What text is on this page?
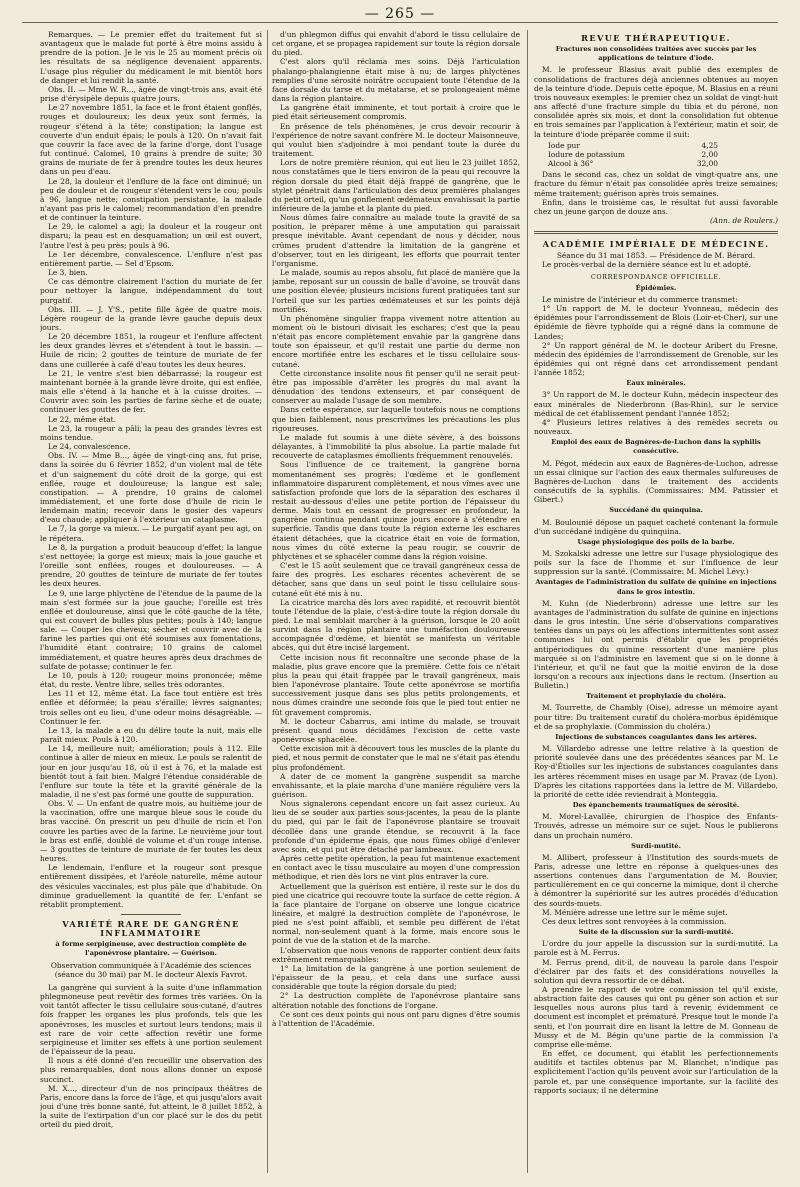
— 265 —

Remarques. — Le premier effet du traitement fut si avantageux que le malade fut porté à être moins assidu à prendre de la potion. Je le vis le 25 au moment précis où les résultats de sa négligence devenaient apparents. L'usage plus régulier du médicament le mit bientôt hors de danger et lui rendit la santé.

Obs. II. — Mme W. R..., âgée de vingt-trois ans, avait été prise d'érysipèle depuis quatre jours.

Le 27 novembre 1851, la face et le front étaient gonflés, rouges et douloureux; les deux yeux sont fermés, la rougeur s'étend à la tête; constipation; la langue est couverte d'un enduit épais; le pouls à 120. On n'avait fait que couvrir la face avec de la farine d'orge, dont l'usage fut continué. Calomel, 10 grains à prendre de suite; 30 grains de muriate de fer à prendre toutes les deux heures dans un peu d'eau.

Le 28, la douleur et l'enflure de la face ont diminué; un peu de douleur et de rougeur s'étendent vers le cou; pouls à 96, langue nette; constipation persistante, la malade n'ayant pas pris le calomel; recommandation d'en prendre et de continuer la teinture.

Le 29, le calomel a agi; la douleur et la rougeur ont disparu; la peau est en desquamation; un œil est ouvert, l'autre l'est à peu près; pouls à 96.

Le 1er décembre, convalescence. L'enflure n'est pas entièrement partie. — Sel d'Epsom.

Le 3, bien.

Ce cas démontre clairement l'action du muriate de fer pour nettoyer la langue, indépendamment du tout purgatif.

Obs. III. — J. Y'S., petite fille âgée de quatre mois. Légère rougeur de la grande lèvre gauche depuis deux jours.

Le 20 décembre 1851, la rougeur et l'enflure affectent les deux grandes lèvres et s'étendent à tout le bassin. — Huile de ricin; 2 gouttes de teinture de muriate de fer dans une cuillerée à café d'eau toutes les deux heures.

Le 21, le ventre s'est bien débarrassé; la rougeur est maintenant bornée à la grande lèvre droite, qui est enflée, mais elle s'étend à la hanche et à la cuisse droites. — Couvrir avec soin les parties de farine sèche et de ouate; continuer les gouttes de fer.

Le 22, même état.

Le 23, la rougeur a pâli; la peau des grandes lèvres est moins tendue.

Le 24, convalescence.

Obs. IV. — Mme B..., âgée de vingt-cinq ans, fut prise, dans la soirée du 6 février 1852, d'un violent mal de tête et d'un saignement du côté droit de la gorge, qui est enflée, rouge et douloureuse; la langue est sale; constipation. — A prendre, 10 grains de calomel immédiatement, et une forte dose d'huile de ricin le lendemain matin; recevoir dans le gosier des vapeurs d'eau chaude; appliquer à l'extérieur un cataplasme.

Le 7, la gorge va mieux. — Le purgatif ayant peu agi, on le répétera.

Le 8, la purgation a produit beaucoup d'effet; la langue s'est nettoyée; la gorge est mieux; mais la joue gauche et l'oreille sont enflées, rouges et douloureuses. — A prendre, 20 gouttes de teinture de muriate de fer toutes les deux heures.

Le 9, une large phlyctène de l'étendue de la paume de la main s'est formée sur la joue gauche; l'oreille est très enflée et douloureuse, ainsi que le côté gauche de la tête, qui est couvert de bulles plus petites; pouls à 140; langue sale. — Couper les cheveux; sécher et couvrir avec de la farine les parties qui ont été soumises aux fomentations, l'humidité étant contraire; 10 grains de calomel immédiatement, et quatre heures après deux drachmes de sulfate de potasse; continuer le fer.

Le 10, pouls à 120; rougeur moins prononcée; même état, du reste. Ventre libre, selles très odorantes.

Les 11 et 12, même état. La face tout entière est très enflée et déformée; la peau s'éraille; lèvres saignantes; trois selles ont eu lieu, d'une odeur moins désagréable. — Continuer le fer.

Le 13, la malade a eu du délire toute la nuit, mais elle paraît mieux. Pouls à 120.

Le 14, meilleure nuit; amélioration; pouls à 112. Elle continue à aller de mieux en mieux. Le pouls se ralentit de jour en jour jusqu'au 18, où il est à 76, et la malade est bientôt tout à fait bien. Malgré l'étendue considérable de l'enflure sur toute la tête et la gravité générale de la maladie, il ne s'est pas formé une goutte de suppuration.

Obs. V. — Un enfant de quatre mois, au huitième jour de la vaccination, offre une marque bleue sous le coude du bras vacciné. On prescrit un peu d'huile de ricin et l'on couvre les parties avec de la farine. Le neuvième jour tout le bras est enflé, doublé de volume et d'un rouge intense. — 3 gouttes de teinture de muriate de fer toutes les deux heures.

Le lendemain, l'enflure et la rougeur sont presque entièrement dissipées, et l'aréole naturelle, même autour des vésicules vaccinales, est plus pâle que d'habitude. On diminue graduellement la quantité de fer. L'enfant se rétablit promptement.

VARIÉTÉ RARE DE GANGRÈNE INFLAMMATOIRE
à forme serpigineuse, avec destruction complète de l'aponévrose plantaire. — Guérison.

Observation communiquée à l'Académie des sciences (séance du 30 mai) par M. le docteur Alexis Favrot.

La gangrène qui survient à la suite d'une inflammation phlegmoneuse peut revêtir des formes très variées. On la voit tantôt affecter le tissu cellulaire sous-cutané, d'autres fois frapper les organes les plus profonds, tels que les aponévroses, les muscles et surtout leurs tendons; mais il est rare de voir cette affection revêtir une forme serpigineuse et limiter ses effets à une portion seulement de l'épaisseur de la peau.

Il nous a été donné d'en recueillir une observation des plus remarquables, dont nous allons donner un exposé succinct.

M. X..., directeur d'un de nos principaux théâtres de Paris, encore dans la force de l'âge, et qui jusqu'alors avait joui d'une très bonne santé, fut atteint, le 8 juillet 1852, à la suite de l'extirpation d'un cor placé sur le dos du petit orteil du pied droit,

d'un phlegmon diffus qui envahit d'abord le tissu cellulaire de cet organe, et se propagea rapidement sur toute la région dorsale du pied.

C'est alors qu'il réclama mes soins. Déjà l'articulation phalango-phalangienne était mise à nu; de larges phlyctènes remplies d'une sérosité noirâtre occupaient toute l'étendue de la face dorsale du tarse et du métatarse, et se prolongeaient même dans la région plantaire.

La gangrène était imminente, et tout portait à croire que le pied était sérieusement compromis.

En présence de tels phénomènes, je crus devoir recourir à l'expérience de notre savant confrère M. le docteur Maisonneuve, qui voulut bien s'adjoindre à moi pendant toute la durée du traitement.

Lors de notre première réunion, qui eut lieu le 23 juillet 1852, nous constatâmes que le tiers environ de la peau qui recouvre la région dorsale du pied était déjà frappé de gangrène, que le stylet pénétrait dans l'articulation des deux premières phalanges du petit orteil, qu'un gonflement œdémateux envahissait la partie inférieure de la jambe et la plante du pied.

Nous dûmes faire connaître au malade toute la gravité de sa position, le préparer même à une amputation qui paraissait presque inévitable. Avant cependant de nous y décider, nous crûmes prudent d'attendre la limitation de la gangrène et d'observer, tout en les dirigeant, les efforts que pourrait tenter l'organisme.

Le malade, soumis au repos absolu, fut placé de manière que la jambe, reposant sur un coussin de balle d'avoine, se trouvât dans une position élevée; plusieurs incisions furent pratiquées tant sur l'orteil que sur les parties œdémateuses et sur les points déjà mortifiés.

Un phénomène singulier frappa vivement notre attention au moment où le bistouri divisait les eschares; c'est que la peau n'était pas encore complètement envahie par la gangrène dans toute son épaisseur, et qu'il restait une partie du derme non encore mortifiée entre les eschares et le tissu cellulaire sous-cutané.

Cette circonstance insolite nous fit penser qu'il ne serait peut-être pas impossible d'arrêter les progrès du mal avant la dénudation des tendons extenseurs, et par conséquent de conserver au malade l'usage de son membre.

Dans cette espérance, sur laquelle toutefois nous ne comptions que bien faiblement, nous prescrivîmes les précautions les plus rigoureuses.

Le malade fut soumis à une diète sévère, à des boissons délayantes, à l'immobilité la plus absolue. La partie malade fut recouverte de cataplasmes émollients fréquemment renouvelés.

Sous l'influence de ce traitement, la gangrène borna momentanément ses progrès; l'œdème et le gonflement inflammatoire disparurent complètement, et nous vîmes avec une satisfaction profonde que lors de la séparation des eschares il restait au-dessous d'elles une petite portion de l'épaisseur du derme. Mais tout en cessant de progresser en profondeur, la gangrène continua pendant quinze jours encore à s'étendre en superficie. Tandis que dans toute la région externe les eschares étaient détachées, que la cicatrice était en voie de formation, nous vîmes du côté externe la peau rougir, se couvrir de phlyctènes et se sphacéler comme dans la région voisine.

C'est le 15 août seulement que ce travail gangréneux cessa de faire des progrès. Les eschares récentes achevèrent de se détacher, sans que dans un seul point le tissu cellulaire sous-cutané eût été mis à nu.

La cicatrice marcha dès lors avec rapidité, et recouvrit bientôt toute l'étendue de la plaie, c'est-à-dire toute la région dorsale du pied. Le mal semblait marcher à la guérison, lorsque le 20 août survint dans la région plantaire une tuméfaction douloureuse accompagnée d'œdème, et bientôt se manifesta un véritable abcès, qui dut être incisé largement.

Cette incision nous fit reconnaître une seconde phase de la maladie, plus grave encore que la première. Cette fois ce n'était plus la peau qui était frappée par le travail gangréneux, mais bien l'aponévrose plantaire. Toute cette aponévrose se mortifia successivement jusque dans ses plus petits prolongements, et nous dûmes craindre une seconde fois que le pied tout entier ne fût gravement compromis.

M. le docteur Cabarrus, ami intime du malade, se trouvait présent quand nous décidâmes l'excision de cette vaste aponévrose sphacélée.

Cette excision mit à découvert tous les muscles de la plante du pied, et nous permit de constater que le mal ne s'était pas étendu plus profondément.

A dater de ce moment la gangrène suspendit sa marche envahissante, et la plaie marcha d'une manière régulière vers la guérison.

Nous signalerons cependant encore un fait assez curieux. Au lieu de se souder aux parties sous-jacentes, la peau de la plante du pied, qui par le fait de l'aponévrose plantaire se trouvait décollée dans une grande étendue, se recouvrit à la face profonde d'un épiderme épais, que nous fûmes obligé d'enlever avec soin, et qui put être détaché par lambeaux.

Après cette petite opération, la peau fut maintenue exactement en contact avec le tissu musculaire au moyen d'une compression méthodique, et rien dès lors ne vint plus entraver la cure.

Actuellement que la guérison est entière, il reste sur le dos du pied une cicatrice qui recouvre toute la surface de cette région. A la face plantaire de l'organe on observe une longue cicatrice linéaire, et malgré la destruction complète de l'aponévrose, le pied ne s'est point affaibli, et semble peu différent de l'état normal, non-seulement quant à la forme, mais encore sous le point de vue de la station et de la marche.

L'observation que nous venons de rapporter contient deux faits extrêmement remarquables:

1° La limitation de la gangrène à une portion seulement de l'épaisseur de la peau, et cela dans une surface aussi considérable que toute la région dorsale du pied;

2° La destruction complète de l'aponévrose plantaire sans altération notable des fonctions de l'organe.

Ce sont ces deux points qui nous ont paru dignes d'être soumis à l'attention de l'Académie.

REVUE THÉRAPEUTIQUE.
Fractures non consolidées traitées avec succès par les applications de teinture d'iode.

M. le professeur Blasius avait publié des exemples de consolidations de fractures déjà anciennes obtenues au moyen de la teinture d'iode. Depuis cette époque, M. Blasius en a réuni trois nouveaux exemples: le premier chez un soldat de vingt-huit ans affecté d'une fracture simple du tibia et du péroné, non consolidée après six mois, et dont la consolidation fut obtenue en trois semaines par l'application à l'extérieur, matin et soir, de la teinture d'iode préparée comme il suit:

Iode pur	4,25
Iodure de potassium	2,00
Alcool à 36°	32,00

Dans le second cas, chez un soldat de vingt-quatre ans, une fracture du fémur n'était pas consolidée après treize semaines; même traitement; guérison après trois semaines.

Enfin, dans le troisième cas, le résultat fut aussi favorable chez un jeune garçon de douze ans.

(Ann. de Roulers.)
ACADÉMIE IMPÉRIALE DE MÉDECINE.

Séance du 31 mai 1853. — Présidence de M. Bérard.

Le procès-verbal de la dernière séance est lu et adopté.

CORRESPONDANCE OFFICIELLE.
Épidémies.

Le ministre de l'intérieur et du commerce transmet:

1° Un rapport de M. le docteur Yvonneau, médecin des épidémies pour l'arrondissement de Blois (Loir-et-Cher), sur une épidémie de fièvre typhoïde qui a régné dans la commune de Landes;

2° Un rapport général de M. le docteur Aribert du Fresne, médecin des épidémies de l'arrondissement de Grenoble, sur les épidémies qui ont régné dans cet arrondissement pendant l'année 1852;

Eaux minérales.

3° Un rapport de M. le docteur Kuhn, médecin inspecteur des eaux minérales de Niederbronn (Bas-Rhin), sur le service médical de cet établissement pendant l'année 1852;

4° Plusieurs lettres relatives à des remèdes secrets ou nouveaux.

Emploi des eaux de Bagnères-de-Luchon dans la syphilis consécutive.

M. Pégot, médecin aux eaux de Bagnères-de-Luchon, adresse un essai clinique sur l'action des eaux thermales sulfureuses de Bagnères-de-Luchon dans le traitement des accidents consécutifs de la syphilis. (Commissaires: MM. Patissier et Gibert.)

Succédané du quinquina.

M. Boulounié dépose un paquet cacheté contenant la formule d'un succédané indigène du quinquina.

Usage physiologique des poils de la barbe.

M. Szokalski adresse une lettre sur l'usage physiologique des poils sur la face de l'homme et sur l'influence de leur suppression sur la santé. (Commissaire: M. Michel Lévy.)

Avantages de l'administration du sulfate de quinine en injections dans le gros intestin.

M. Kuhn (de Niederbronn) adresse une lettre sur les avantages de l'administration du sulfate de quinine en injections dans le gros intestin. Une série d'observations comparatives tentées dans un pays où les affections intermittentes sont assez communes lui ont permis d'établir que les propriétés antipériodiques du quinine ressortent d'une manière plus marquée si on l'administre en lavement que si on le donne à l'intérieur, et qu'il ne faut que la moitié environ de la dose lorsqu'on a recours aux injections dans le rectum. (Insertion au Bulletin.)

Traitement et prophylaxie du choléra.

M. Tourrette, de Chambly (Oise), adresse un mémoire ayant pour titre: Du traitement curatif du choléra-morbus épidémique et de sa prophylaxie. (Commission du choléra.)

Injections de substances coagulantes dans les artères.

M. Villardebo adresse une lettre relative à la question de priorité soulevée dans une des précédentes séances par M. Le Roy-d'Étiolles sur les injections de substances coagulantes dans les artères récemment mises en usage par M. Pravaz (de Lyon). D'après les citations rapportées dans la lettre de M. Villardebo, la priorité de cette idée reviendrait à Monteggia.

Des épanchements traumatiques de sérosité.

M. Morel-Lavallée, chirurgien de l'hospice des Enfants-Trouvés, adresse un mémoire sur ce sujet. Nous le publierons dans un prochain numéro.

Surdi-mutité.

M. Allibert, professeur à l'Institution des sourds-muets de Paris, adresse une lettre en réponse à quelques-unes des assertions contenues dans l'argumentation de M. Bouvier, particulièrement en ce qui concerne la mimique, dont il cherche à démontrer la supériorité sur les autres procédés d'éducation des sourds-muets.

M. Ménière adresse une lettre sur le même sujet.

Ces deux lettres sont renvoyées à la commission.

Suite de la discussion sur la surdi-mutité.

L'ordre du jour appelle la discussion sur la surdi-mutité. La parole est à M. Ferrus.

M. Ferrus prend, dit-il, de nouveau la parole dans l'espoir d'éclairer par des faits et des considérations nouvelles la solution qui devra ressortir de ce débat.

A prendre le rapport de votre commission tel qu'il existe, abstraction faite des causes qui ont pu gêner son action et sur lesquelles nous aurons plus tard à revenir, évidemment ce document est incomplet et prématuré. Presque tout le monde l'a senti, et l'on pourrait dire en lisant la lettre de M. Gonneau de Mussy et de M. Bégin qu'une partie de la commission l'a comprise elle-même.

En effet, ce document, qui établit les perfectionnements auditifs et tactiles obtenus par M. Blanchet, n'indique pas explicitement l'action qu'ils peuvent avoir sur l'articulation de la parole et, par une conséquence importante, sur la facilité des rapports sociaux; il ne détermine
